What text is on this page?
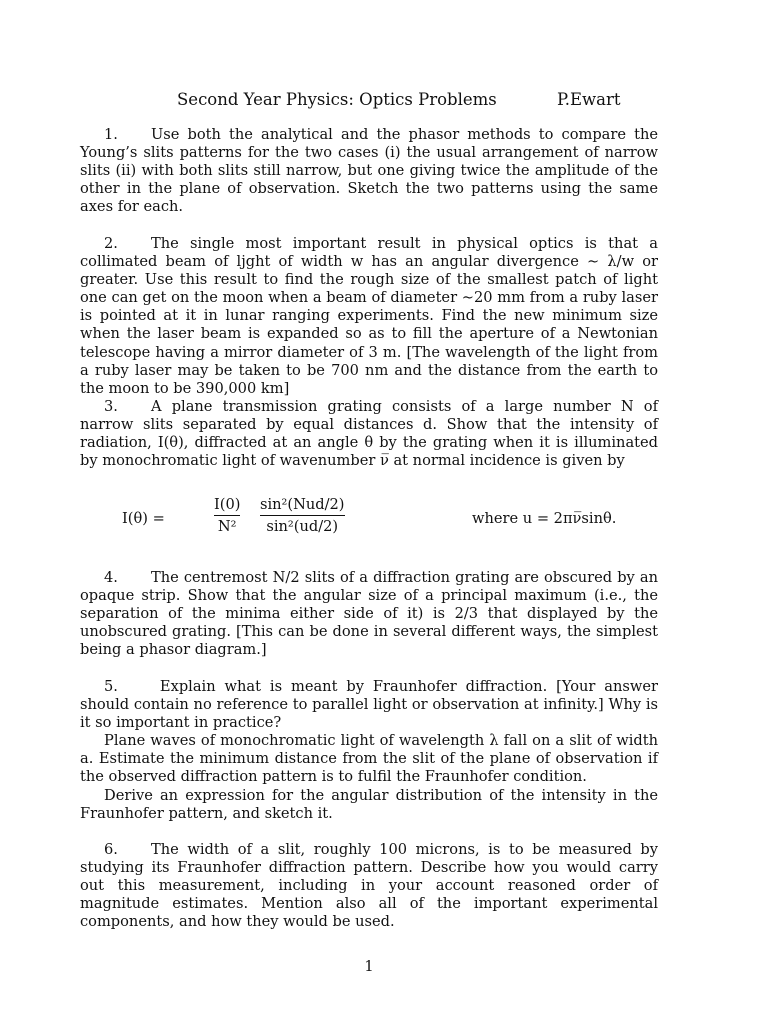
Second Year Physics: Optics Problems	P.Ewart
1. Use both the analytical and the phasor methods to compare the Young’s slits patterns for the two cases (i) the usual arrangement of narrow slits (ii) with both slits still narrow, but one giving twice the amplitude of the other in the plane of observation. Sketch the two patterns using the same axes for each.
2. The single most important result in physical optics is that a collimated beam of ljght of width w has an angular divergence ∼ λ/w or greater. Use this result to find the rough size of the smallest patch of light one can get on the moon when a beam of diameter ∼20 mm from a ruby laser is pointed at it in lunar ranging experiments. Find the new minimum size when the laser beam is expanded so as to fill the aperture of a Newtonian telescope having a mirror diameter of 3 m. [The wavelength of the light from a ruby laser may be taken to be 700 nm and the distance from the earth to the moon to be 390,000 km]
3. A plane transmission grating consists of a large number N of narrow slits separated by equal distances d. Show that the intensity of radiation, I(θ), diffracted at an angle θ by the grating when it is illuminated by monochromatic light of wavenumber ν̅ at normal incidence is given by
I(θ) =
I(0)
N²
sin²(Nud/2)
sin²(ud/2)	where u = 2πν̅sinθ.
4. The centremost N/2 slits of a diffraction grating are obscured by an opaque strip. Show that the angular size of a principal maximum (i.e., the separation of the minima either side of it) is 2/3 that displayed by the unobscured grating. [This can be done in several different ways, the simplest being a phasor diagram.]
5. Explain what is meant by Fraunhofer diffraction. [Your answer should contain no reference to parallel light or observation at infinity.] Why is it so important in practice?
Plane waves of monochromatic light of wavelength λ fall on a slit of width a. Estimate the minimum distance from the slit of the plane of observation if the observed diffraction pattern is to fulfil the Fraunhofer condition.
Derive an expression for the angular distribution of the intensity in the Fraunhofer pattern, and sketch it.
6. The width of a slit, roughly 100 microns, is to be measured by studying its Fraunhofer diffraction pattern. Describe how you would carry out this measurement, including in your account reasoned order of magnitude estimates. Mention also all of the important experimental components, and how they would be used.
1
